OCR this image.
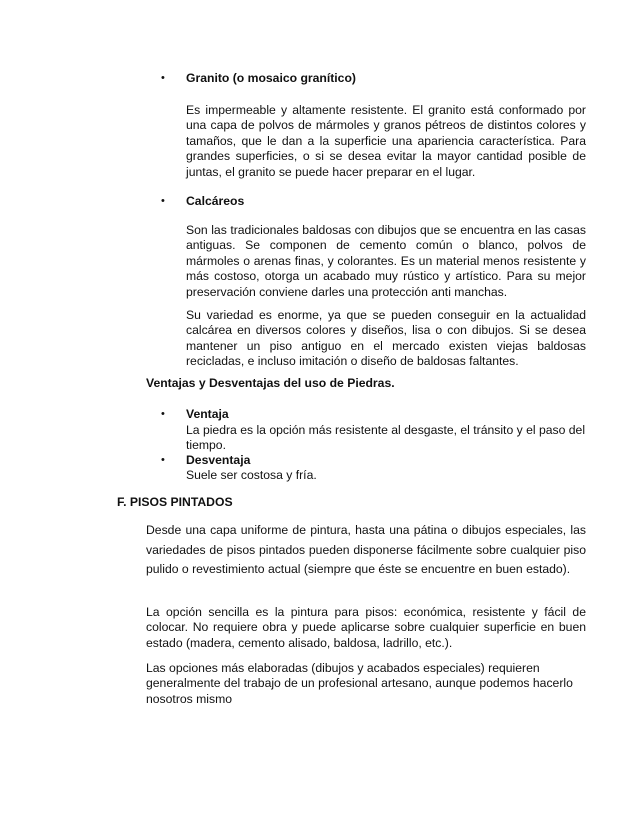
• Granito (o mosaico granítico)
Es impermeable y altamente resistente. El granito está conformado por una capa de polvos de mármoles y granos pétreos de distintos colores y tamaños, que le dan a la superficie una apariencia característica. Para grandes superficies, o si se desea evitar la mayor cantidad posible de juntas, el granito se puede hacer preparar en el lugar.
• Calcáreos
Son las tradicionales baldosas con dibujos que se encuentra en las casas antiguas. Se componen de cemento común o blanco, polvos de mármoles o arenas finas, y colorantes. Es un material menos resistente y más costoso, otorga un acabado muy rústico y artístico. Para su mejor preservación conviene darles una protección anti manchas.
Su variedad es enorme, ya que se pueden conseguir en la actualidad calcárea en diversos colores y diseños, lisa o con dibujos. Si se desea mantener un piso antiguo en el mercado existen viejas baldosas recicladas, e incluso imitación o diseño de baldosas faltantes.
Ventajas y Desventajas del uso de Piedras.
• Ventaja
La piedra es la opción más resistente al desgaste, el tránsito y el paso del tiempo.
• Desventaja
Suele ser costosa y fría.
F. PISOS PINTADOS
Desde una capa uniforme de pintura, hasta una pátina o dibujos especiales, las variedades de pisos pintados pueden disponerse fácilmente sobre cualquier piso pulido o revestimiento actual (siempre que éste se encuentre en buen estado).
La opción sencilla es la pintura para pisos: económica, resistente y fácil de colocar. No requiere obra y puede aplicarse sobre cualquier superficie en buen estado (madera, cemento alisado, baldosa, ladrillo, etc.).
Las opciones más elaboradas (dibujos y acabados especiales) requieren generalmente del trabajo de un profesional artesano, aunque podemos hacerlo nosotros mismo
